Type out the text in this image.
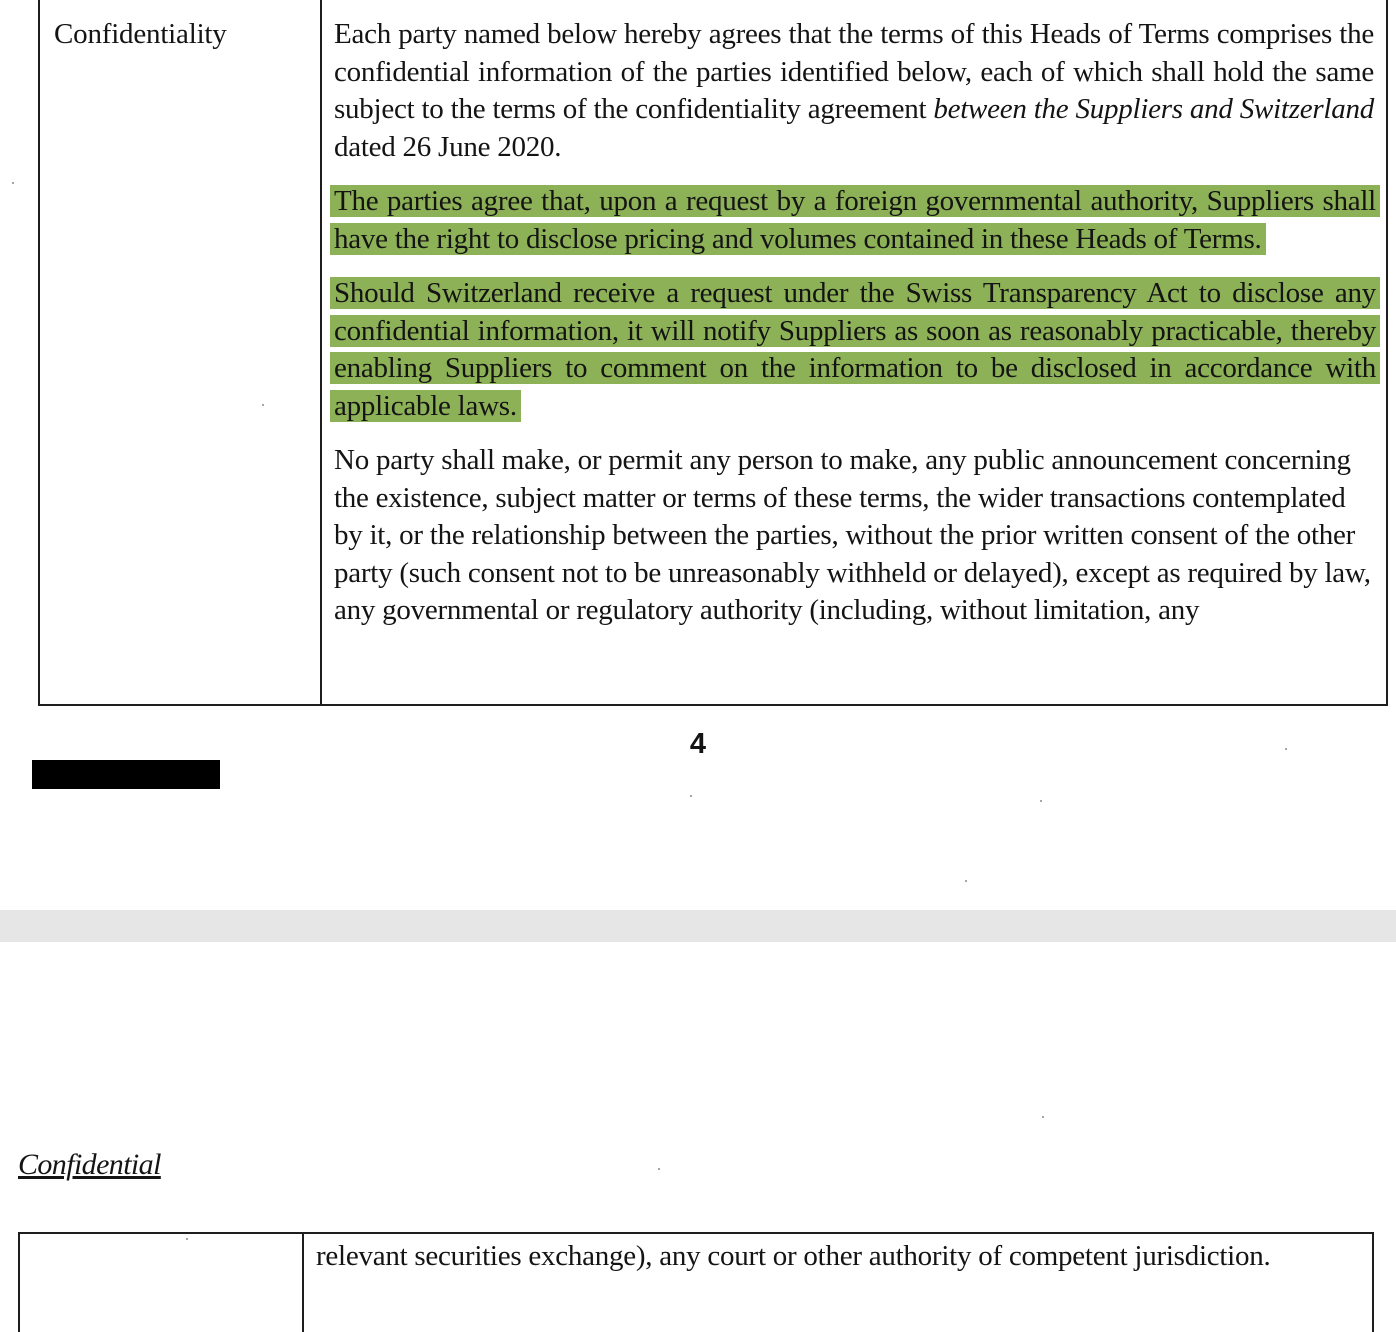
Confidentiality	Each party named below hereby agrees that the terms of this Heads of Terms comprises the confidential information of the parties identified below, each of which shall hold the same subject to the terms of the confidentiality agreement between the Suppliers and Switzerland dated 26 June 2020.

The parties agree that, upon a request by a foreign governmental authority, Suppliers shall have the right to disclose pricing and volumes contained in these Heads of Terms.

Should Switzerland receive a request under the Swiss Transparency Act to disclose any confidential information, it will notify Suppliers as soon as reasonably practicable, thereby enabling Suppliers to comment on the information to be disclosed in accordance with applicable laws.

No party shall make, or permit any person to make, any public announcement concerning the existence, subject matter or terms of these terms, the wider transactions contemplated by it, or the relationship between the parties, without the prior written consent of the other party (such consent not to be unreasonably withheld or delayed), except as required by law, any governmental or regulatory authority (including, without limitation, any

4
Confidential
relevant securities exchange), any court or other authority of competent jurisdiction.
